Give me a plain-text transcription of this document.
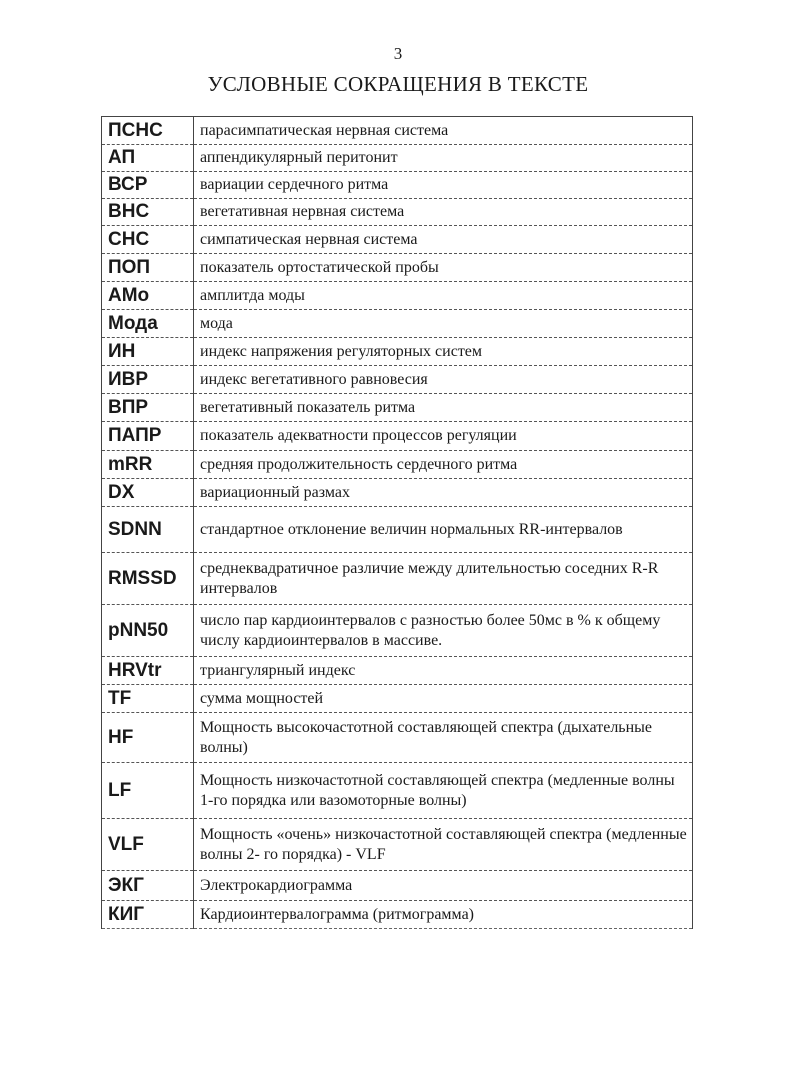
3
УСЛОВНЫЕ СОКРАЩЕНИЯ В ТЕКСТЕ
ПСНС	парасимпатическая нервная система
АП	аппендикулярный перитонит
ВСР	вариации сердечного ритма
ВНС	вегетативная нервная система
СНС	симпатическая нервная система
ПОП	показатель ортостатической пробы
АМо	амплитда моды
Мода	мода
ИН	индекс напряжения регуляторных систем
ИВР	индекс вегетативного равновесия
ВПР	вегетативный показатель ритма
ПАПР	показатель адекватности процессов регуляции
mRR	средняя продолжительность сердечного ритма
DX	вариационный размах
SDNN	стандартное отклонение величин нормальных RR-интервалов
RMSSD	среднеквадратичное различие между длительностью соседних R-R интервалов
pNN50	число пар кардиоинтервалов с разностью более 50мс в % к общему числу кардиоинтервалов в массиве.
HRVtr	триангулярный индекс
TF	сумма мощностей
HF	Мощность высокочастотной составляющей спектра (дыхательные волны)
LF	Мощность низкочастотной составляющей спектра (медленные волны 1-го порядка или вазомоторные волны)
VLF	Мощность «очень» низкочастотной составляющей спектра (медленные волны 2- го порядка) - VLF
ЭКГ	Электрокардиограмма
КИГ	Кардиоинтервалограмма (ритмограмма)
